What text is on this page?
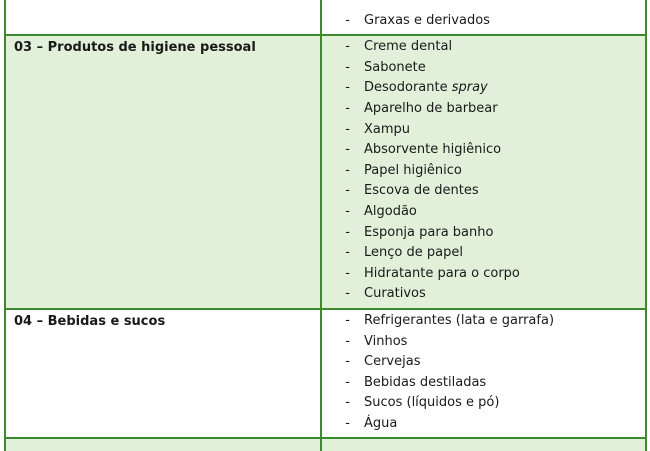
-	Graxas e derivados
03 – Produtos de higiene pessoal	-	Creme dental
-	Sabonete
-	Desodorante spray
-	Aparelho de barbear
-	Xampu
-	Absorvente higiênico
-	Papel higiênico
-	Escova de dentes
-	Algodão
-	Esponja para banho
-	Lenço de papel
-	Hidratante para o corpo
-	Curativos
04 – Bebidas e sucos	-	Refrigerantes (lata e garrafa)
-	Vinhos
-	Cervejas
-	Bebidas destiladas
-	Sucos (líquidos e pó)
-	Água
